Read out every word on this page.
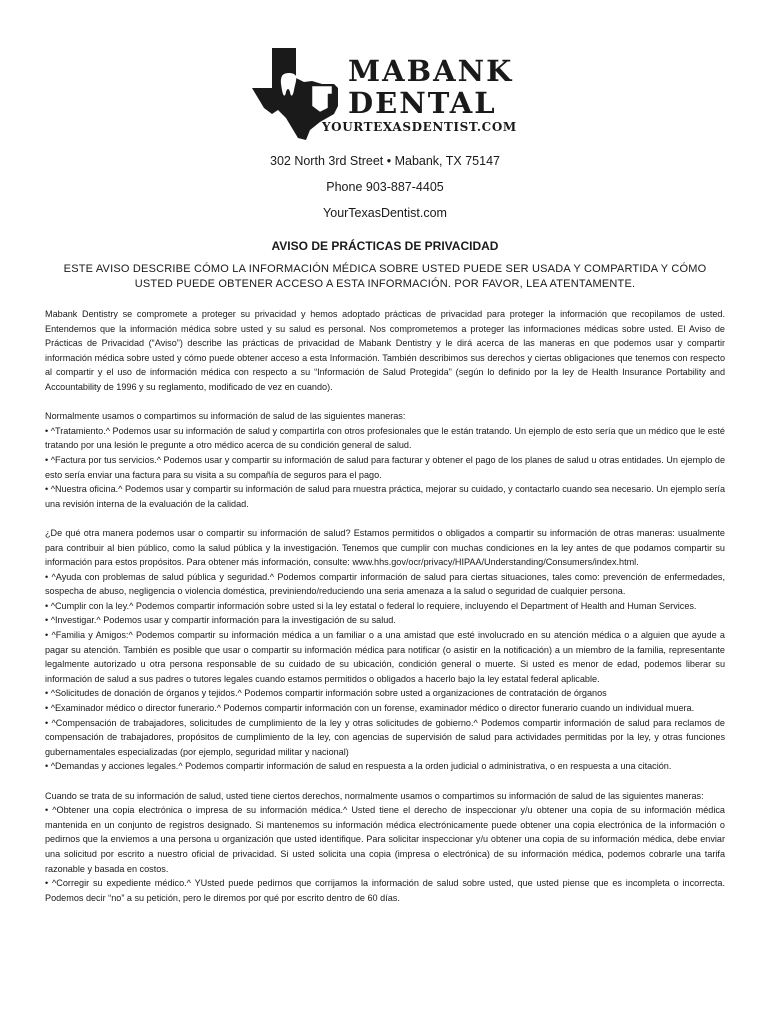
MABANK
DENTAL
YOURTEXASDENTIST.COM
302 North 3rd Street • Mabank, TX 75147
Phone 903-887-4405
YourTexasDentist.com
AVISO DE PRÁCTICAS DE PRIVACIDAD
ESTE AVISO DESCRIBE CÓMO LA INFORMACIÓN MÉDICA SOBRE USTED PUEDE SER USADA Y COMPARTIDA Y CÓMO USTED PUEDE OBTENER ACCESO A ESTA INFORMACIÓN. POR FAVOR, LEA ATENTAMENTE.

Mabank Dentistry se compromete a proteger su privacidad y hemos adoptado prácticas de privacidad para proteger la información que recopilamos de usted. Entendemos que la información médica sobre usted y su salud es personal. Nos comprometemos a proteger las informaciones médicas sobre usted. El Aviso de Prácticas de Privacidad (“Aviso”) describe las prácticas de privacidad de Mabank Dentistry y le dirá acerca de las maneras en que podemos usar y compartir información médica sobre usted y cómo puede obtener acceso a esta Información. También describimos sus derechos y ciertas obligaciones que tenemos con respecto al compartir y el uso de información médica con respecto a su “Información de Salud Protegida” (según lo definido por la ley de Health Insurance Portability and Accountability de 1996 y su reglamento, modificado de vez en cuando).

Normalmente usamos o compartimos su información de salud de las siguientes maneras:

• ^Tratamiento.^ Podemos usar su información de salud y compartirla con otros profesionales que le están tratando. Un ejemplo de esto sería que un médico que le esté tratando por una lesión le pregunte a otro médico acerca de su condición general de salud.
• ^Factura por tus servicios.^ Podemos usar y compartir su información de salud para facturar y obtener el pago de los planes de salud u otras entidades. Un ejemplo de esto sería enviar una factura para su visita a su compañía de seguros para el pago.
• ^Nuestra oficina.^ Podemos usar y compartir su información de salud para rnuestra práctica, mejorar su cuidado, y contactarlo cuando sea necesario. Un ejemplo sería una revisión interna de la evaluación de la calidad.

¿De qué otra manera podemos usar o compartir su información de salud? Estamos permitidos o obligados a compartir su información de otras maneras: usualmente para contribuir al bien público, como la salud pública y la investigación. Tenemos que cumplir con muchas condiciones en la ley antes de que podamos compartir su información para estos propósitos. Para obtener más información, consulte: www.hhs.gov/ocr/privacy/HIPAA/Understanding/Consumers/index.html.

• ^Ayuda con problemas de salud pública y seguridad.^ Podemos compartir información de salud para ciertas situaciones, tales como: prevención de enfermedades, sospecha de abuso, negligencia o violencia doméstica, previniendo/reduciendo una seria amenaza a la salud o seguridad de cualquier persona.
• ^Cumplir con la ley.^ Podemos compartir información sobre usted si la ley estatal o federal lo requiere, incluyendo el Department of Health and Human Services.
• ^Investigar.^ Podemos usar y compartir información para la investigación de su salud.
• ^Familia y Amigos:^ Podemos compartir su información médica a un familiar o a una amistad que esté involucrado en su atención médica o a alguien que ayude a pagar su atención. También es posible que usar o compartir su información médica para notificar (o asistir en la notificación) a un miembro de la familia, representante legalmente autorizado u otra persona responsable de su cuidado de su ubicación, condición general o muerte. Si usted es menor de edad, podemos liberar su información de salud a sus padres o tutores legales cuando estamos permitidos o obligados a hacerlo bajo la ley estatal federal aplicable.
• ^Solicitudes de donación de órganos y tejidos.^ Podemos compartir información sobre usted a organizaciones de contratación de órganos
• ^Examinador médico o director funerario.^ Podemos compartir información con un forense, examinador médico o director funerario cuando un individual muera.
• ^Compensación de trabajadores, solicitudes de cumplimiento de la ley y otras solicitudes de gobierno.^ Podemos compartir información de salud para reclamos de compensación de trabajadores, propósitos de cumplimiento de la ley, con agencias de supervisión de salud para actividades permitidas por la ley, y otras funciones gubernamentales especializadas (por ejemplo, seguridad militar y nacional)
• ^Demandas y acciones legales.^ Podemos compartir información de salud en respuesta a la orden judicial o administrativa, o en respuesta a una citación.

Cuando se trata de su información de salud, usted tiene ciertos derechos, normalmente usamos o compartimos su información de salud de las siguientes maneras:

• ^Obtener una copia electrónica o impresa de su información médica.^ Usted tiene el derecho de inspeccionar y/u obtener una copia de su información médica mantenida en un conjunto de registros designado. Si mantenemos su información médica electrónicamente puede obtener una copia electrónica de la información o pedirnos que la enviemos a una persona u organización que usted identifique. Para solicitar inspeccionar y/u obtener una copia de su información médica, debe enviar una solicitud por escrito a nuestro oficial de privacidad. Si usted solicita una copia (impresa o electrónica) de su información médica, podemos cobrarle una tarifa razonable y basada en costos.
• ^Corregir su expediente médico.^ YUsted puede pedirnos que corrijamos la información de salud sobre usted, que usted piense que es incompleta o incorrecta. Podemos decir “no” a su petición, pero le diremos por qué por escrito dentro de 60 días.
